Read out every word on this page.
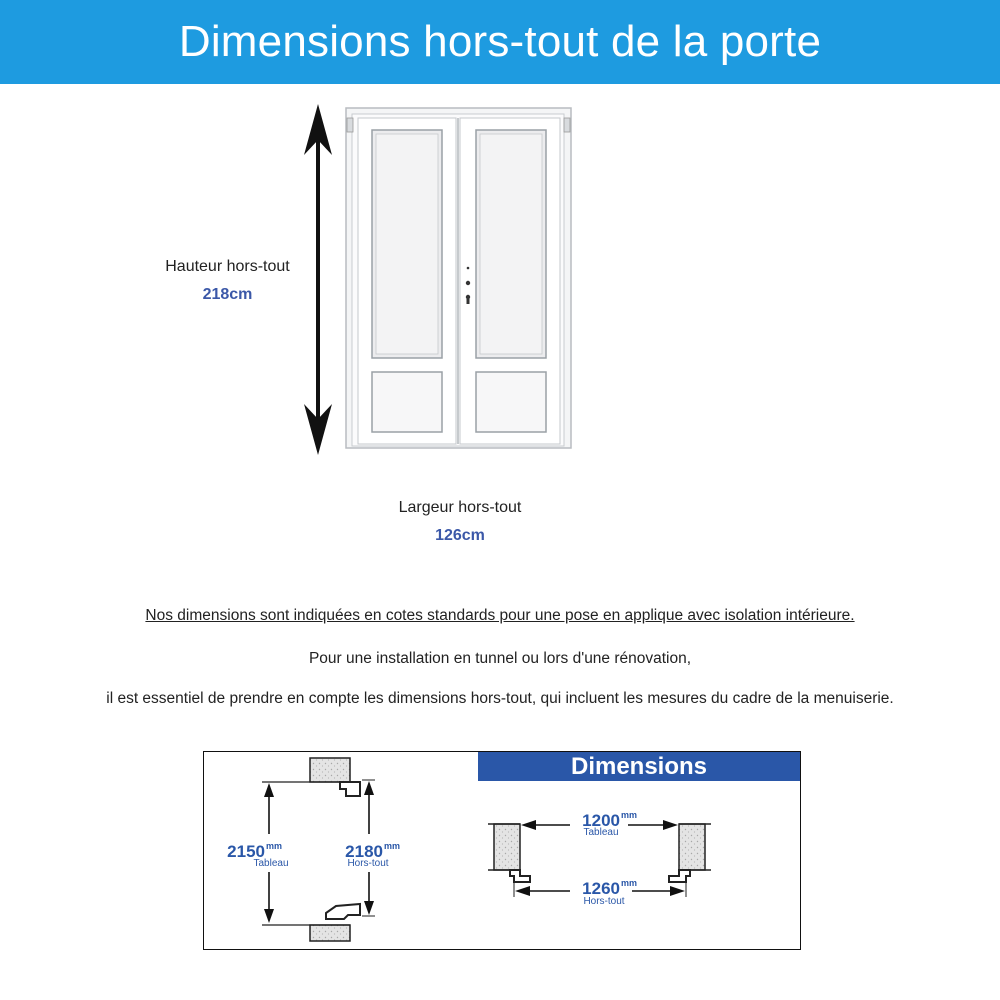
Dimensions hors-tout de la porte
Hauteur hors-tout
218cm
Largeur hors-tout
126cm
Nos dimensions sont indiquées en cotes standards pour une pose en applique avec isolation intérieure.
Pour une installation en tunnel ou lors d'une rénovation,
il est essentiel de prendre en compte les dimensions hors-tout, qui incluent les mesures du cadre de la menuiserie.
Dimensions
2150 mm
Tableau
2180 mm
Hors-tout
1200 mm
Tableau
1260 mm
Hors-tout
